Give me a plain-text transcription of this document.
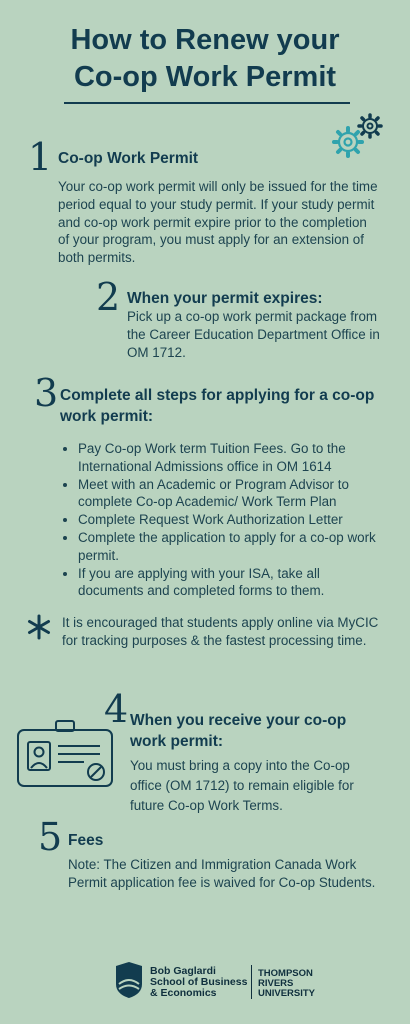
How to Renew your
Co-op Work Permit
1 Co-op Work Permit
Your co-op work permit will only be issued for the time period equal to your study permit. If your study permit and co-op work permit expire prior to the completion of your program, you must apply for an extension of both permits.
2 When your permit expires:
Pick up a co-op work permit package from the Career Education Department Office in OM 1712.
3 Complete all steps for applying for a co-op work permit:
• Pay Co-op Work term Tuition Fees. Go to the International Admissions office in OM 1614
• Meet with an Academic or Program Advisor to complete Co-op Academic/ Work Term Plan
• Complete Request Work Authorization Letter
• Complete the application to apply for a co-op work permit.
• If you are applying with your ISA, take all documents and completed forms to them.
It is encouraged that students apply online via MyCIC for tracking purposes & the fastest processing time.
4 When you receive your co-op work permit:
You must bring a copy into the Co-op office (OM 1712) to remain eligible for future Co-op Work Terms.
5 Fees
Note: The Citizen and Immigration Canada Work Permit application fee is waived for Co-op Students.
Bob Gaglardi
School of Business
& Economics
THOMPSON
RIVERS
UNIVERSITY
